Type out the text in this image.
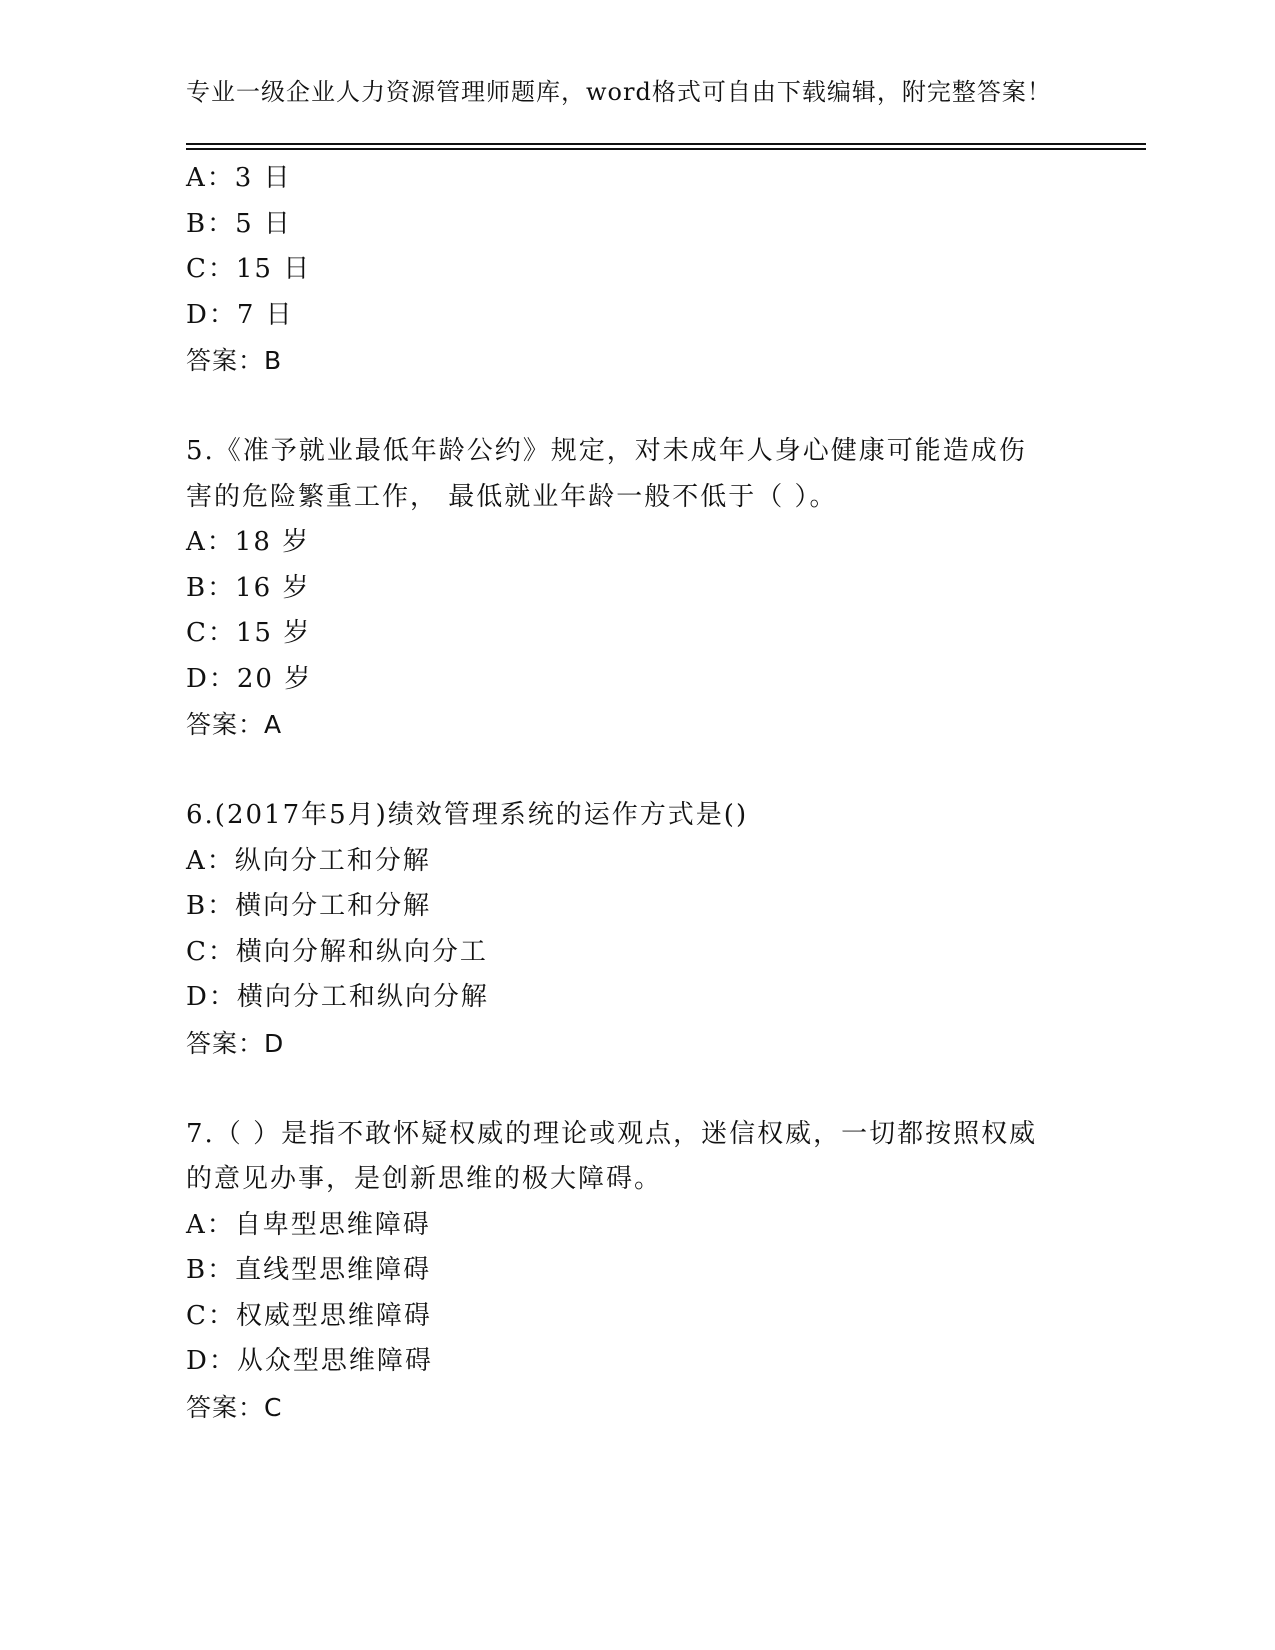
专业一级企业人力资源管理师题库，word格式可自由下载编辑，附完整答案！
A：3 日
B：5 日
C：15 日
D：7 日
答案：B
5.《准予就业最低年龄公约》规定，对未成年人身心健康可能造成伤
害的危险繁重工作， 最低就业年龄一般不低于（ ）。
A：18 岁
B：16 岁
C：15 岁
D：20 岁
答案：A
6.(2017年5月)绩效管理系统的运作方式是()
A：纵向分工和分解
B：横向分工和分解
C：横向分解和纵向分工
D：横向分工和纵向分解
答案：D
7.（ ）是指不敢怀疑权威的理论或观点，迷信权威，一切都按照权威
的意见办事，是创新思维的极大障碍。
A：自卑型思维障碍
B：直线型思维障碍
C：权威型思维障碍
D：从众型思维障碍
答案：C
